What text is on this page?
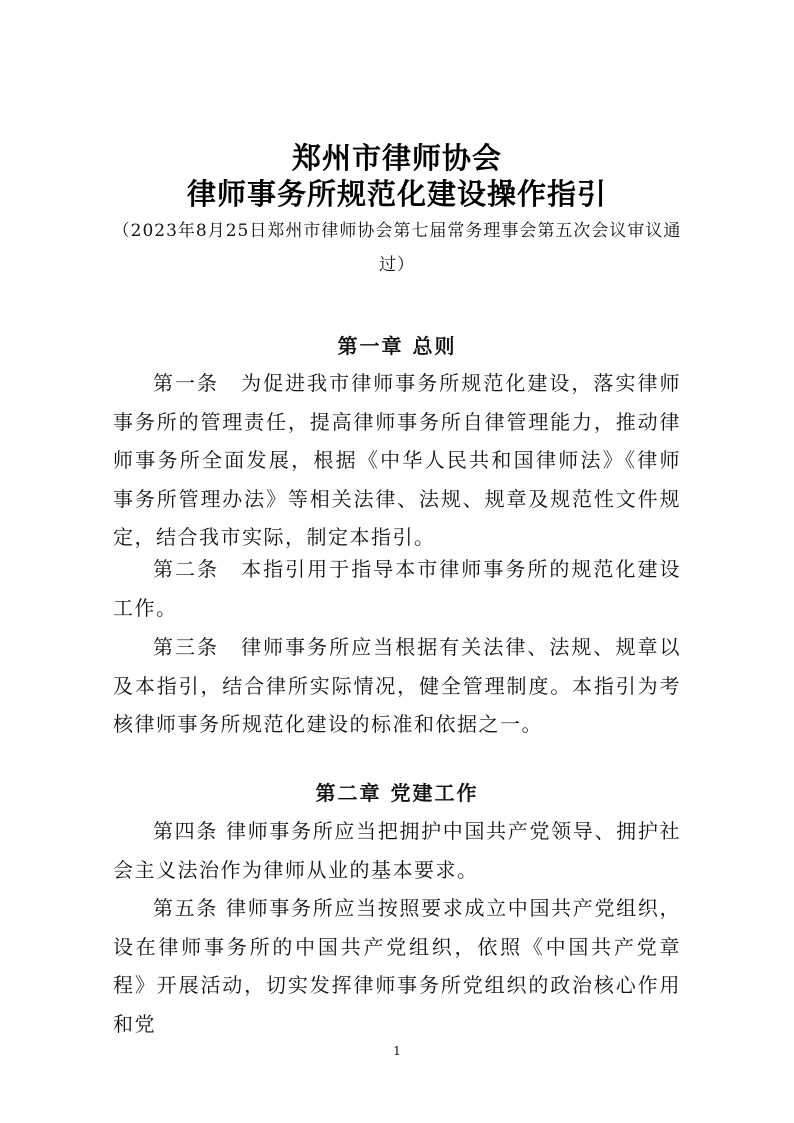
郑州市律师协会
律师事务所规范化建设操作指引
（2023年8月25日郑州市律师协会第七届常务理事会第五次会议审议通过）
第一章 总则

第一条　为促进我市律师事务所规范化建设，落实律师事务所的管理责任，提高律师事务所自律管理能力，推动律师事务所全面发展，根据《中华人民共和国律师法》《律师事务所管理办法》等相关法律、法规、规章及规范性文件规定，结合我市实际，制定本指引。

第二条　本指引用于指导本市律师事务所的规范化建设工作。

第三条　律师事务所应当根据有关法律、法规、规章以及本指引，结合律所实际情况，健全管理制度。本指引为考核律师事务所规范化建设的标准和依据之一。

第二章 党建工作

第四条 律师事务所应当把拥护中国共产党领导、拥护社会主义法治作为律师从业的基本要求。

第五条 律师事务所应当按照要求成立中国共产党组织，设在律师事务所的中国共产党组织，依照《中国共产党章程》开展活动，切实发挥律师事务所党组织的政治核心作用和党

1
